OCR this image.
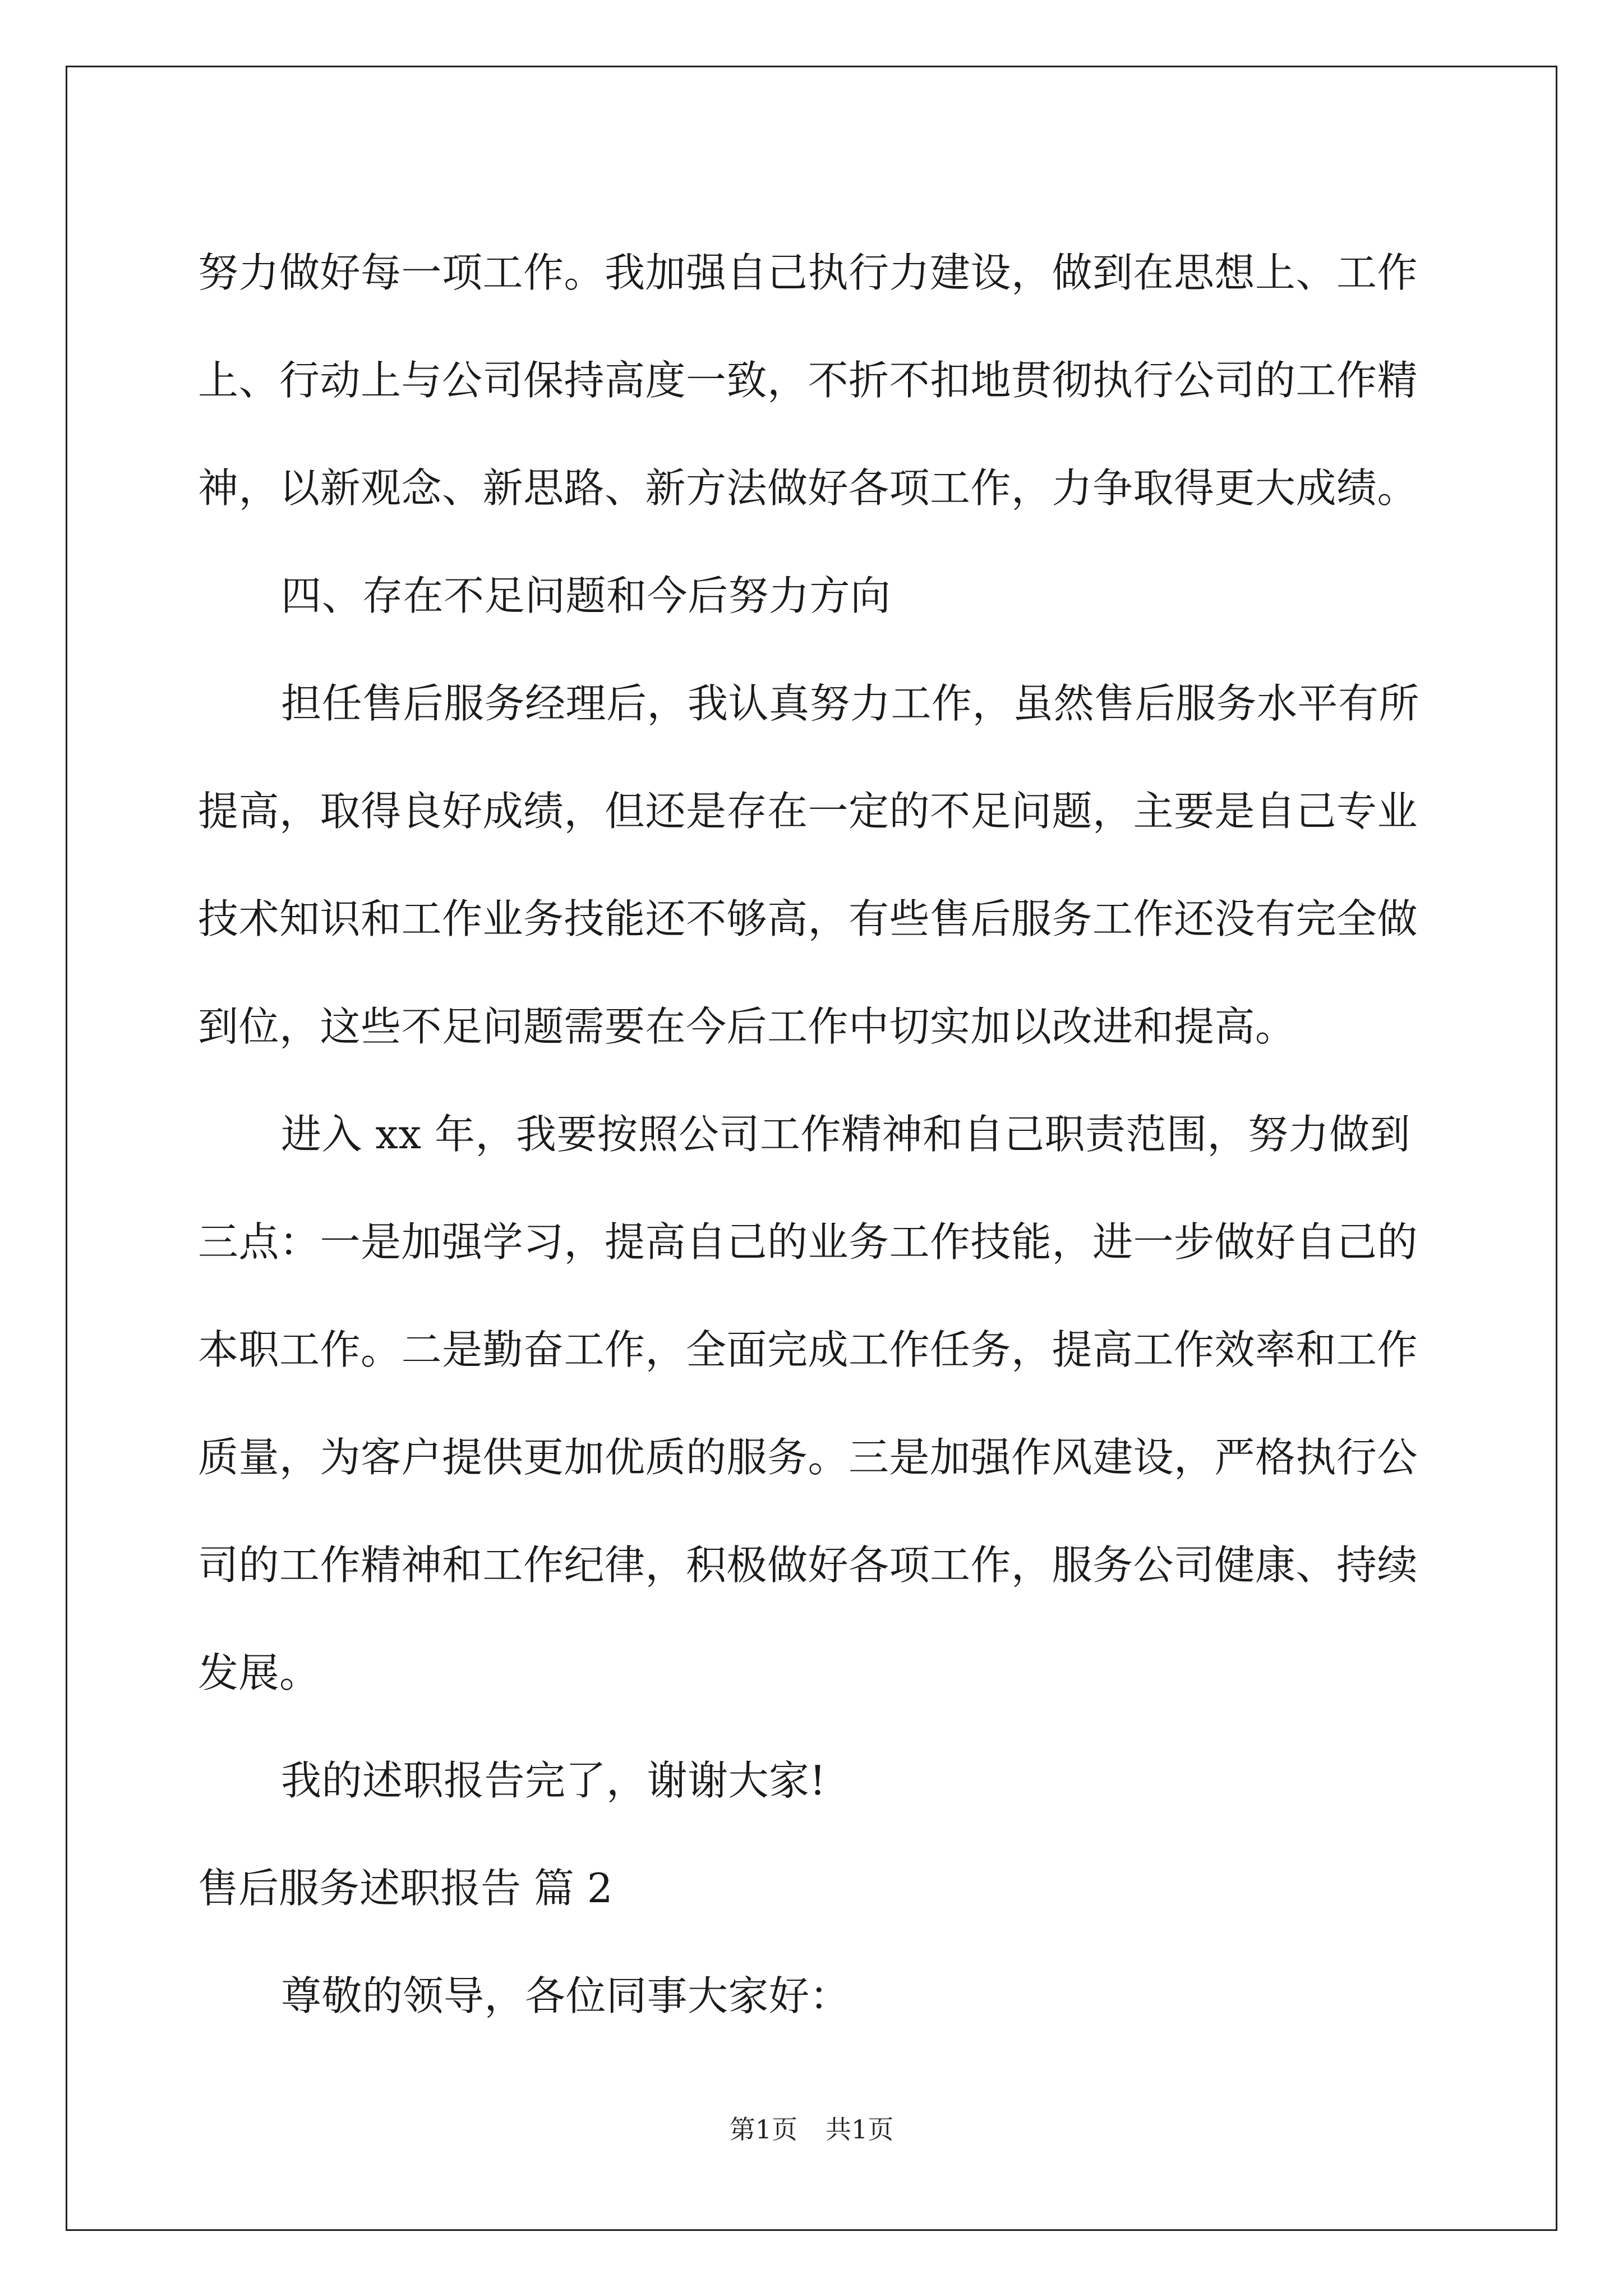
努力做好每一项工作。我加强自己执行力建设，做到在思想上、工作上、行动上与公司保持高度一致，不折不扣地贯彻执行公司的工作精神，以新观念、新思路、新方法做好各项工作，力争取得更大成绩。

四、存在不足问题和今后努力方向

担任售后服务经理后，我认真努力工作，虽然售后服务水平有所提高，取得良好成绩，但还是存在一定的不足问题，主要是自己专业技术知识和工作业务技能还不够高，有些售后服务工作还没有完全做到位，这些不足问题需要在今后工作中切实加以改进和提高。

进入 xx 年，我要按照公司工作精神和自己职责范围，努力做到三点：一是加强学习，提高自己的业务工作技能，进一步做好自己的本职工作。二是勤奋工作，全面完成工作任务，提高工作效率和工作质量，为客户提供更加优质的服务。三是加强作风建设，严格执行公司的工作精神和工作纪律，积极做好各项工作，服务公司健康、持续发展。

我的述职报告完了，谢谢大家!

售后服务述职报告 篇 2

尊敬的领导，各位同事大家好：

第1页 共1页
